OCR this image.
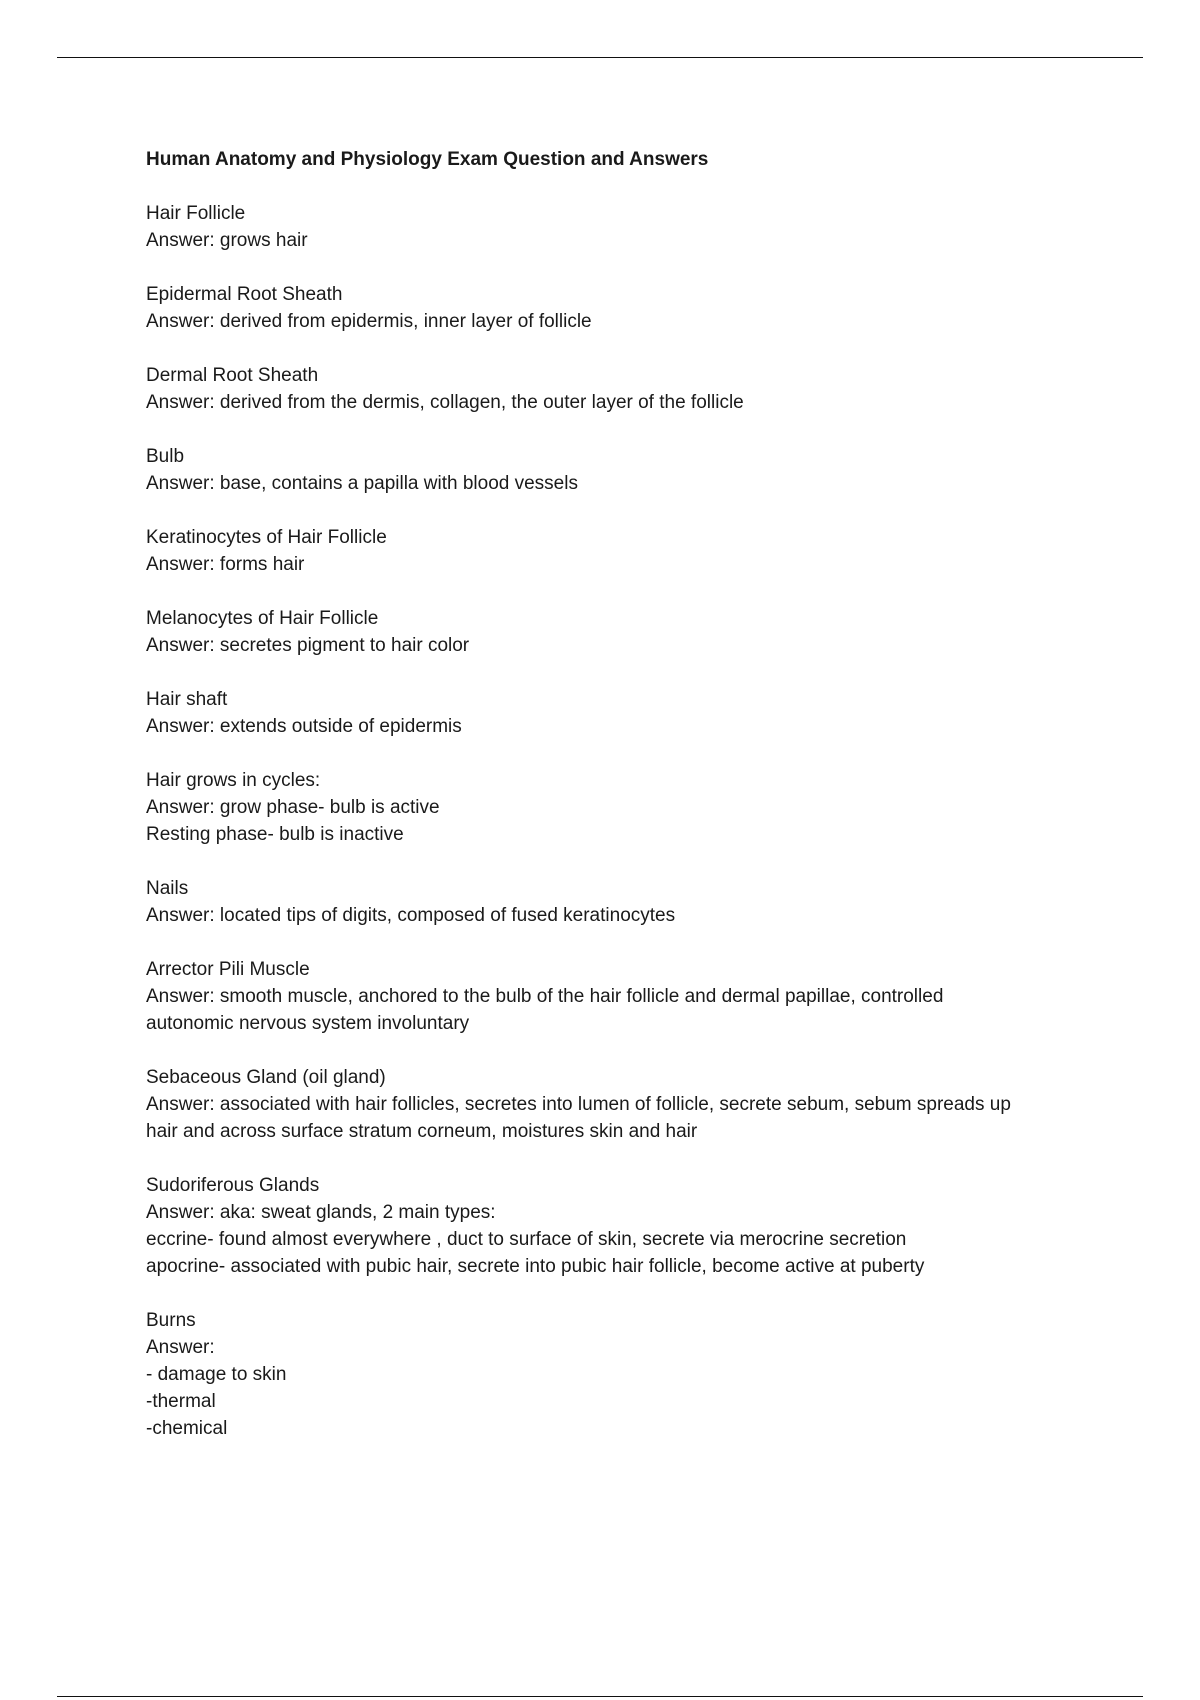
Human Anatomy and Physiology Exam Question and Answers
Hair Follicle
Answer: grows hair
Epidermal Root Sheath
Answer: derived from epidermis, inner layer of follicle
Dermal Root Sheath
Answer: derived from the dermis, collagen, the outer layer of the follicle
Bulb
Answer: base, contains a papilla with blood vessels
Keratinocytes of Hair Follicle
Answer: forms hair
Melanocytes of Hair Follicle
Answer: secretes pigment to hair color
Hair shaft
Answer: extends outside of epidermis
Hair grows in cycles:
Answer: grow phase- bulb is active
Resting phase- bulb is inactive
Nails
Answer: located tips of digits, composed of fused keratinocytes
Arrector Pili Muscle
Answer: smooth muscle, anchored to the bulb of the hair follicle and dermal papillae, controlled
autonomic nervous system involuntary
Sebaceous Gland (oil gland)
Answer: associated with hair follicles, secretes into lumen of follicle, secrete sebum, sebum spreads up
hair and across surface stratum corneum, moistures skin and hair
Sudoriferous Glands
Answer: aka: sweat glands, 2 main types:
eccrine- found almost everywhere , duct to surface of skin, secrete via merocrine secretion
apocrine- associated with pubic hair, secrete into pubic hair follicle, become active at puberty
Burns
Answer:
- damage to skin
-thermal
-chemical
